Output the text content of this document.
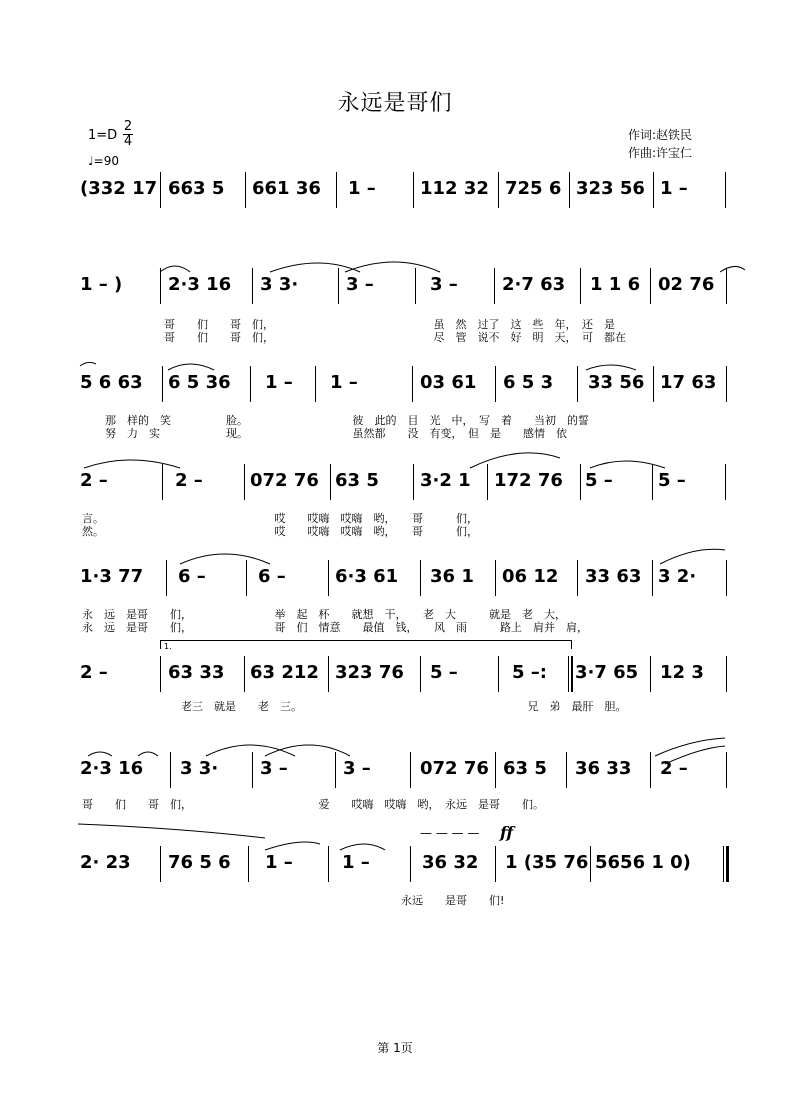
永远是哥们
1=D
2
4
♩=90
作词:赵铁民
作曲:许宝仁
(332 17 663 5 661 36 1 – 112 32 725 6 323 56 1 –
1 – )	2·3 16 3 3·	3 –	3 – 2·7 63 1 1 6 02 76
哥　　们　　哥　们，　　　　　　　　　　　　　　　虽　然　过了　这　些　年，　还　是
哥　　们　　哥　们，　　　　　　　　　　　　　　　尽　管　说不　好　明　天，　可　都在
5 6 63 6 5 36 1 – 1 –	03 61 6 5 3 33 56 17 63
那　样的　笑　　　　　脸。　　　　　　　　　　彼　此的　目　光　中，　写　着　　当初　的誓
努　力　实　　　　　　现。　　　　　　　　　　虽然都　　没　有变，　但　是　　感情　依
2 –	2 –	072 76 63 5 3·2 1 172 76 5 –	5 –
言。　　　　　　　　　　　　　　　　哎　　哎嗨　哎嗨　哟，　　哥　　　们，
然。　　　　　　　　　　　　　　　　哎　　哎嗨　哎嗨　哟，　　哥　　　们，
1·3 77 6 –	6 –	6·3 61 36 1 06 12 33 63 3 2·
永　远　是哥　　们，　　　　　　　　举　起　杯　　就想　干，　　老　大　　　就是　老　大，
永　远　是哥　　们，　　　　　　　　哥　们　情意　　最值　钱，　　风　雨　　　路上　肩并　肩，
1.
2 –	63 33 63 212 323 76 5 –	5 –: 3·7 65 12 3
　　　　　　　　　老三　就是　　老　三。　　　　　　　　　　　　　　　　　　　　　兄　弟　最肝　胆。
2·3 16 3 3· 3 –	3 –	072 76 63 5 36 33 2 –
哥　　们　　哥　们，　　　　　　　　　　　　爱　　哎嗨　哎嗨　哟，　永远　是哥　　们。
— — — — ff
2· 23 76 5 6 1 –	1 –	36 32 1 (35 76 5656 1 0)
　　　　　　　　　　　　　　　　　　　　　　　　　　　　　永远　　是哥　　们!
第 1页
